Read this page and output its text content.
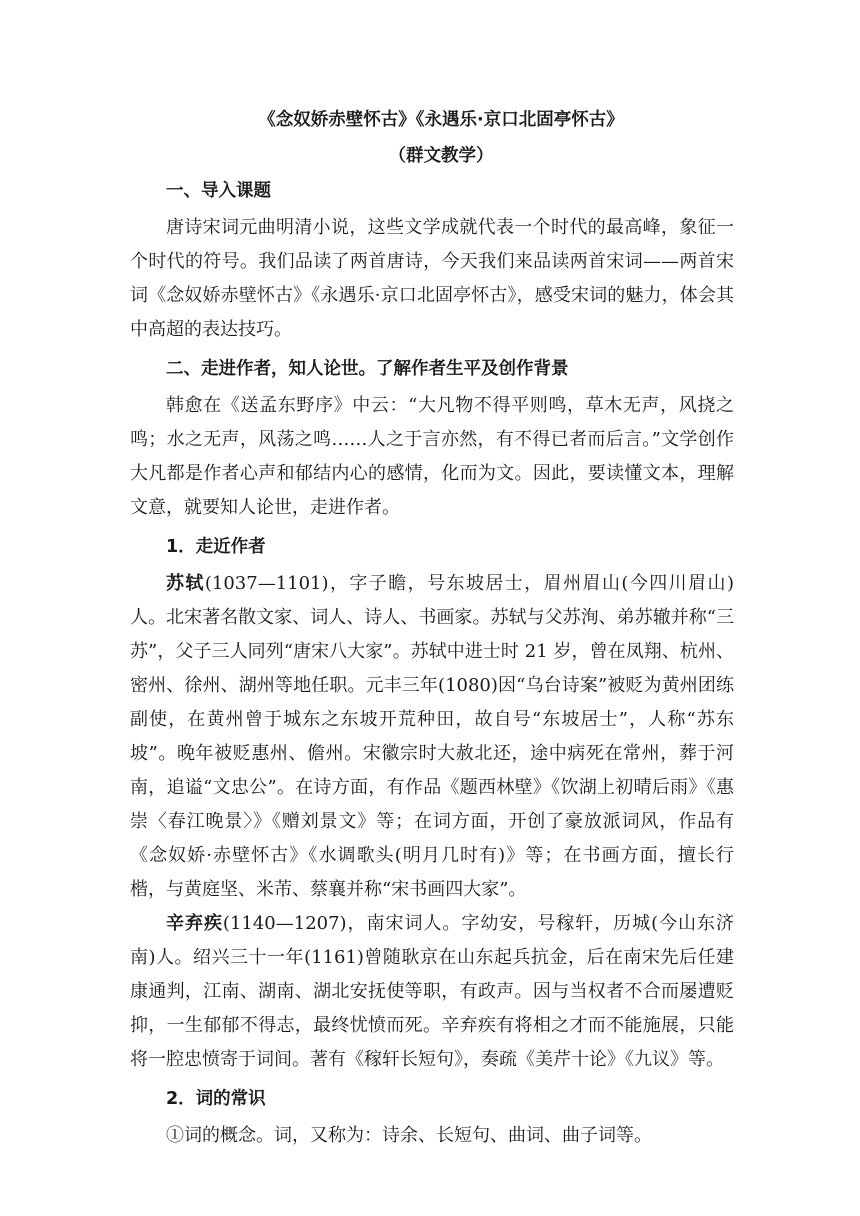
《念奴娇赤壁怀古》《永遇乐·京口北固亭怀古》

（群文教学）

一、导入课题

唐诗宋词元曲明清小说，这些文学成就代表一个时代的最高峰，象征一个时代的符号。我们品读了两首唐诗，今天我们来品读两首宋词——两首宋词《念奴娇赤壁怀古》《永遇乐·京口北固亭怀古》，感受宋词的魅力，体会其中高超的表达技巧。

二、走进作者，知人论世。了解作者生平及创作背景

韩愈在《送孟东野序》中云：“大凡物不得平则鸣，草木无声，风挠之鸣；水之无声，风荡之鸣……人之于言亦然，有不得已者而后言。”文学创作大凡都是作者心声和郁结内心的感情，化而为文。因此，要读懂文本，理解文意，就要知人论世，走进作者。

1．走近作者

苏轼(1037—1101)，字子瞻，号东坡居士，眉州眉山(今四川眉山)人。北宋著名散文家、词人、诗人、书画家。苏轼与父苏洵、弟苏辙并称“三苏”，父子三人同列“唐宋八大家”。苏轼中进士时 21 岁，曾在凤翔、杭州、密州、徐州、湖州等地任职。元丰三年(1080)因“乌台诗案”被贬为黄州团练副使，在黄州曾于城东之东坡开荒种田，故自号“东坡居士”，人称“苏东坡”。晚年被贬惠州、儋州。宋徽宗时大赦北还，途中病死在常州，葬于河南，追谥“文忠公”。在诗方面，有作品《题西林壁》《饮湖上初晴后雨》《惠崇〈春江晚景〉》《赠刘景文》等；在词方面，开创了豪放派词风，作品有《念奴娇·赤壁怀古》《水调歌头(明月几时有)》等；在书画方面，擅长行楷，与黄庭坚、米芾、蔡襄并称“宋书画四大家”。

辛弃疾(1140—1207)，南宋词人。字幼安，号稼轩，历城(今山东济南)人。绍兴三十一年(1161)曾随耿京在山东起兵抗金，后在南宋先后任建康通判，江南、湖南、湖北安抚使等职，有政声。因与当权者不合而屡遭贬抑，一生郁郁不得志，最终忧愤而死。辛弃疾有将相之才而不能施展，只能将一腔忠愤寄于词间。著有《稼轩长短句》，奏疏《美芹十论》《九议》等。

2．词的常识

①词的概念。词，又称为：诗余、长短句、曲词、曲子词等。
